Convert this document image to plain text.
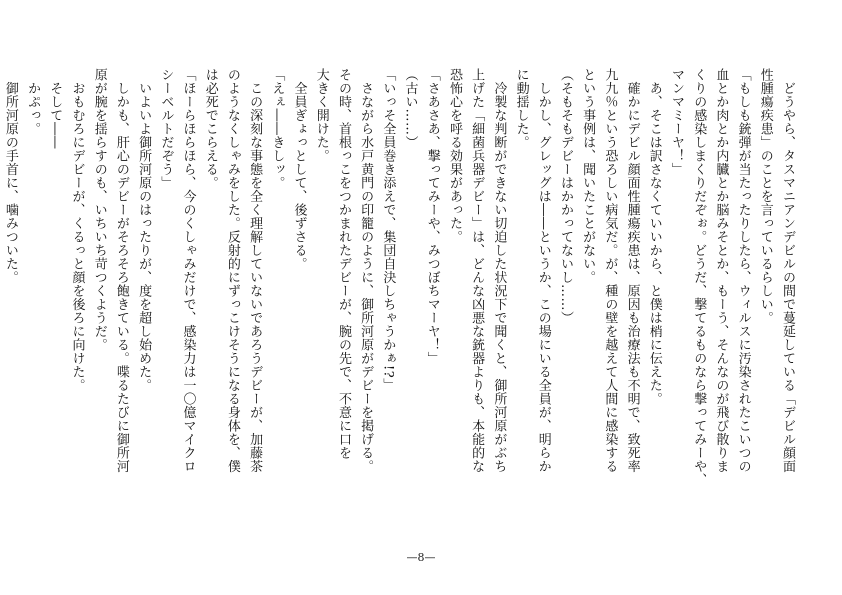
　どうやら、タスマニアンデビルの間で蔓延している「デビル顔面
性腫瘍疾患」のことを言っているらしい。
「もしも銃弾が当たったりしたら、ウィルスに汚染されたこいつの
血とか肉とか内臓とか脳みそとか、もーう、そんなのが飛び散りま
くりの感染しまくりだぞぉ。どうだ、撃てるものなら撃ってみーや、
マンマミーヤ！」
　あ、そこは訳さなくていいから、と僕は梢に伝えた。
　確かにデビル顔面性腫瘍疾患は、原因も治療法も不明で、致死率
九九％という恐ろしい病気だ。が、種の壁を越えて人間に感染する
という事例は、聞いたことがない。
（そもそもデビーはかかってないし……）
　しかし、グレッグは――というか、この場にいる全員が、明らか
に動揺した。
　冷製な判断ができない切迫した状況下で聞くと、御所河原がぶち
上げた「細菌兵器デビー」は、どんな凶悪な銃器よりも、本能的な
恐怖心を呼る効果があった。
「さあさあ、撃ってみーや、みつぼちマーヤ！」
（古い……）
「いっそ全員巻き添えで、集団自決しちゃうかぁ!?」
　さながら水戸黄門の印籠のように、御所河原がデビーを掲げる。
その時、首根っこをつかまれたデビーが、腕の先で、不意に口を
大きく開けた。
　全員ぎょっとして、後ずさる。
「えぇ――きしッ。
　この深刻な事態を全く理解していないであろうデビーが、加藤茶
のようなくしゃみをした。反射的にずっこけそうになる身体を、僕
は必死でこらえる。
「ほーらほらほら、今のくしゃみだけで、感染力は一〇億マイクロ
シーベルトだぞう」
　いよいよ御所河原のはったりが、度を超し始めた。
　しかも、肝心のデビーがそろそろ飽きている。喋るたびに御所河
原が腕を揺らすのも、いちいち苛つくようだ。
　おもむろにデビーが、くるっと顔を後ろに向けた。
　そして――
　かぷっ。
　御所河原の手首に、噛みついた。
—8—
